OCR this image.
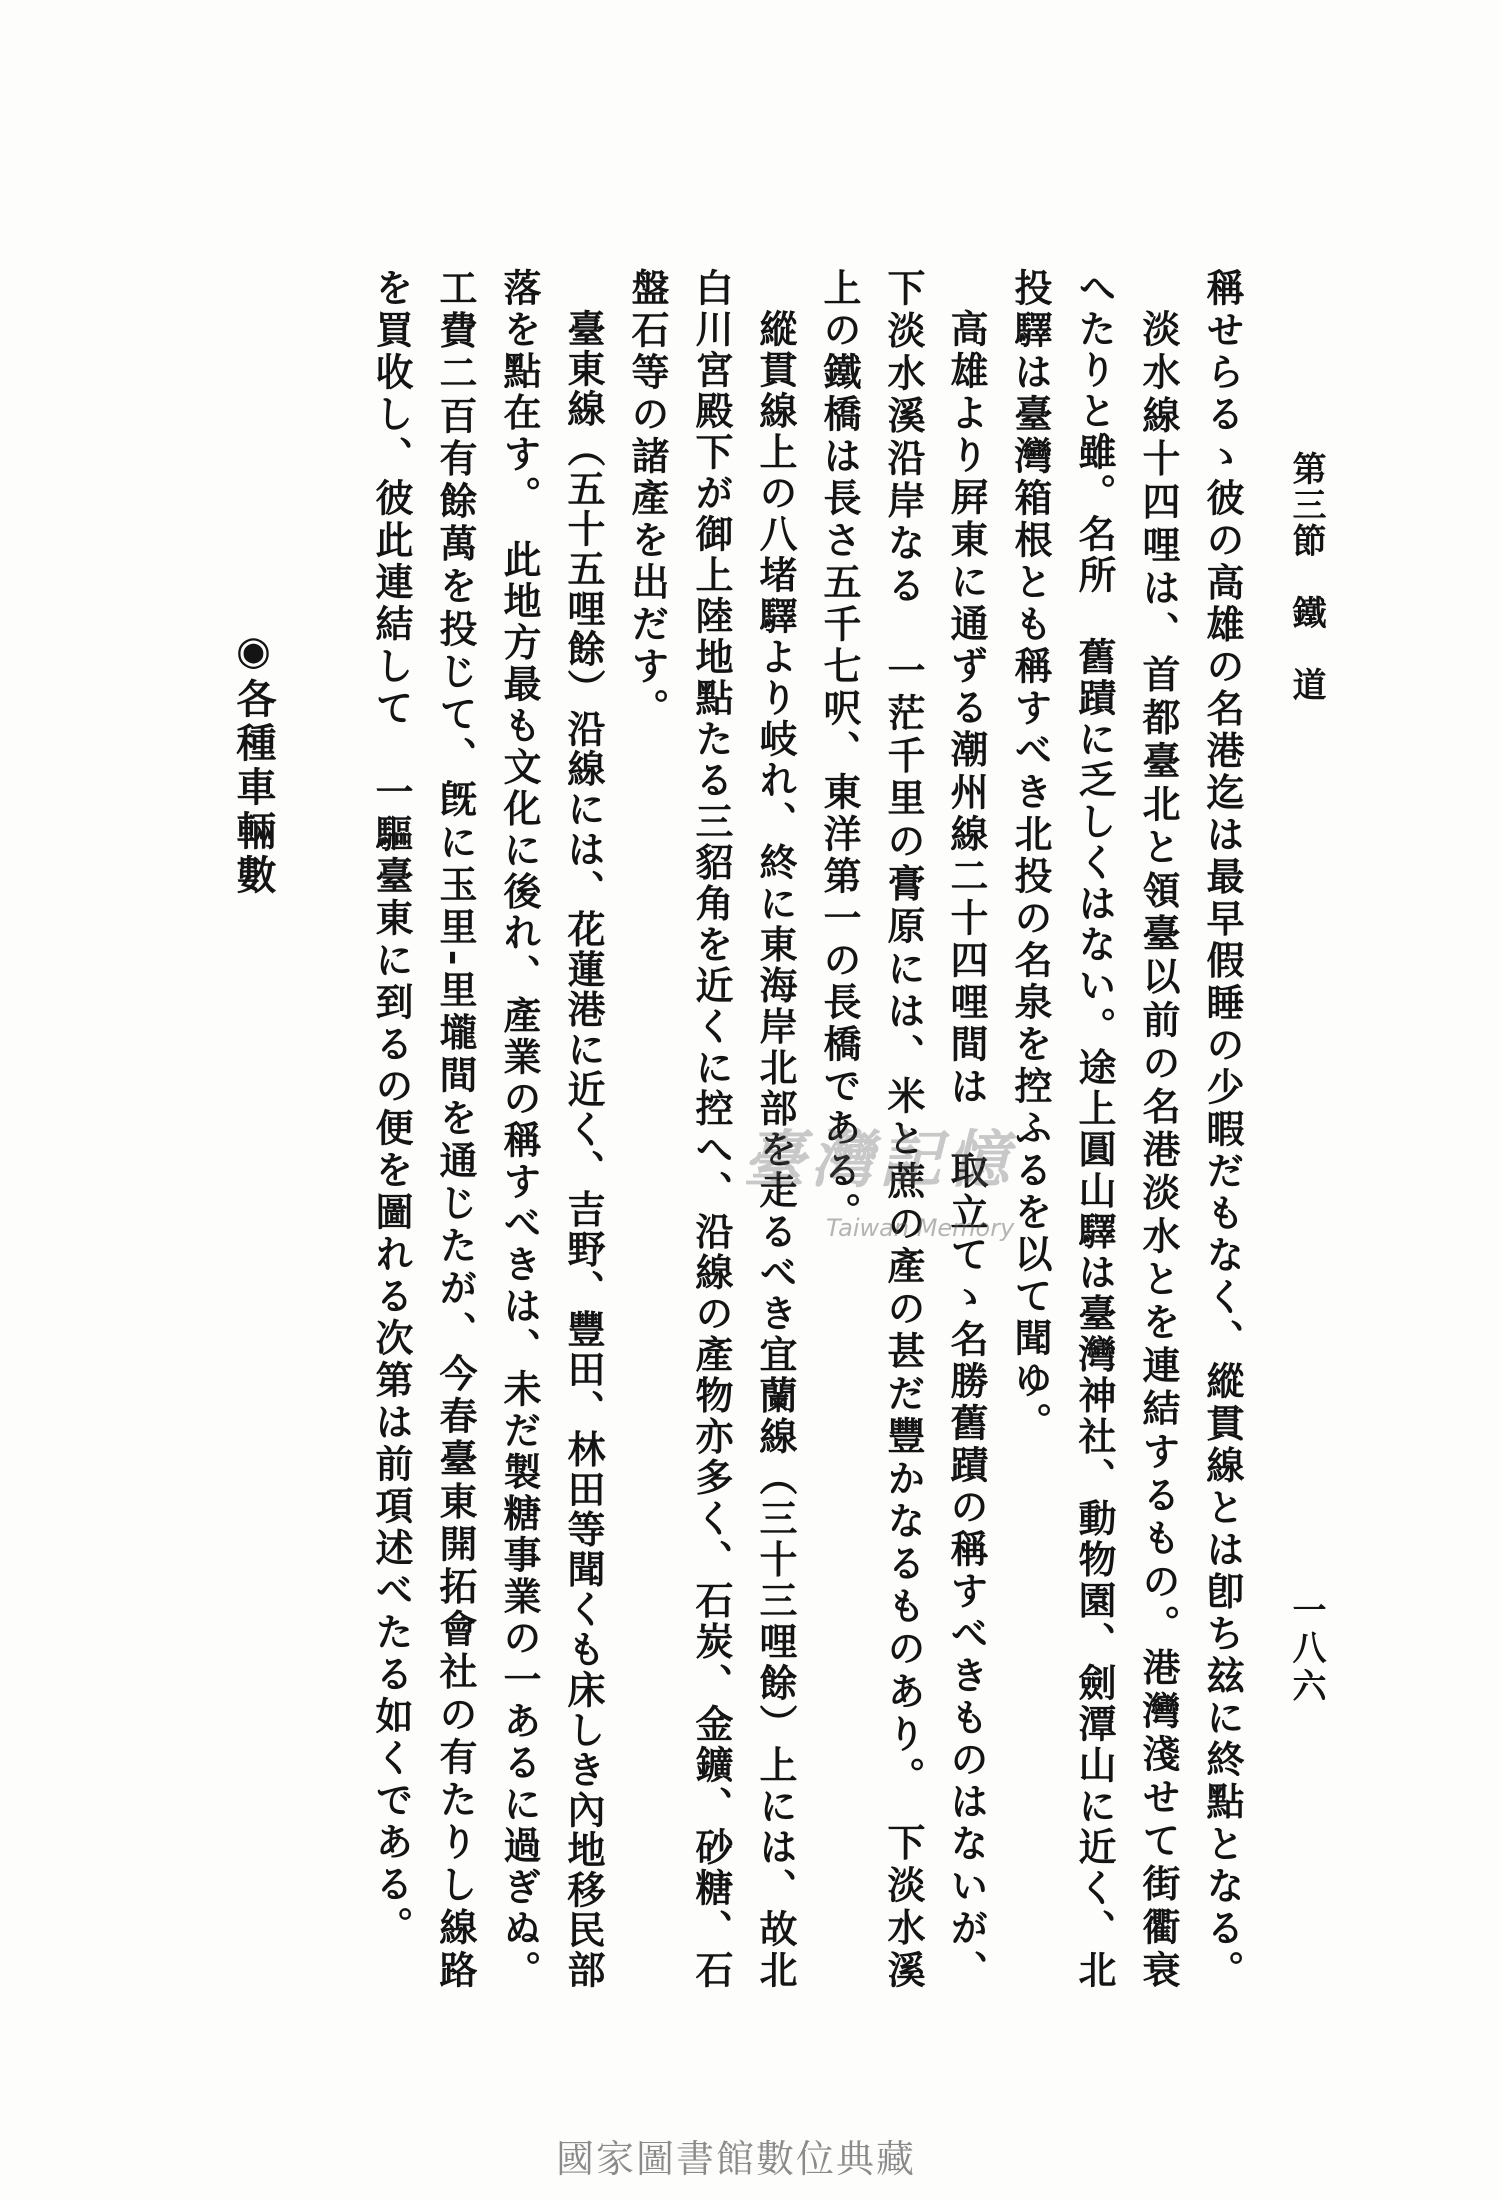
第三節　鐵　道
一八六
稱せらるゝ彼の高雄の名港迄は最早假睡の少暇だもなく、縱貫線とは卽ち玆に終點となる。
淡水線十四哩は、首都臺北と領臺以前の名港淡水とを連結するもの。港灣淺せて街衢衰
へたりと雖。名所　舊蹟に乏しくはない。途上圓山驛は臺灣神社、動物園、劍潭山に近く、北
投驛は臺灣箱根とも稱すべき北投の名泉を控ふるを以て聞ゆ。
高雄より屛東に通ずる潮州線二十四哩間は　取立てゝ名勝舊蹟の稱すべきものはないが、
下淡水溪沿岸なる　一茫千里の膏原には、米と蔗の產の甚だ豐かなるものあり。　下淡水溪
上の鐵橋は長さ五千七呎、東洋第一の長橋である。
縱貫線上の八堵驛より岐れ、終に東海岸北部を走るべき宜蘭線（三十三哩餘）上には、故北
白川宮殿下が御上陸地點たる三貂角を近くに控へ、沿線の產物亦多く、石炭、金鑛、砂糖、石
盤石等の諸產を出だす。
臺東線（五十五哩餘）沿線には、花蓮港に近く、吉野、豐田、林田等聞くも床しき內地移民部
落を點在す。　此地方最も文化に後れ、產業の稱すべきは、未だ製糖事業の一あるに過ぎぬ。
工費二百有餘萬を投じて、旣に玉里‐里壠間を通じたが、今春臺東開拓會社の有たりし線路
を買收し、彼此連結して　一驅臺東に到るの便を圖れる次第は前項述べたる如くである。
◉各種車輛數
臺灣記憶
Taiwan Memory
國家圖書館數位典藏
